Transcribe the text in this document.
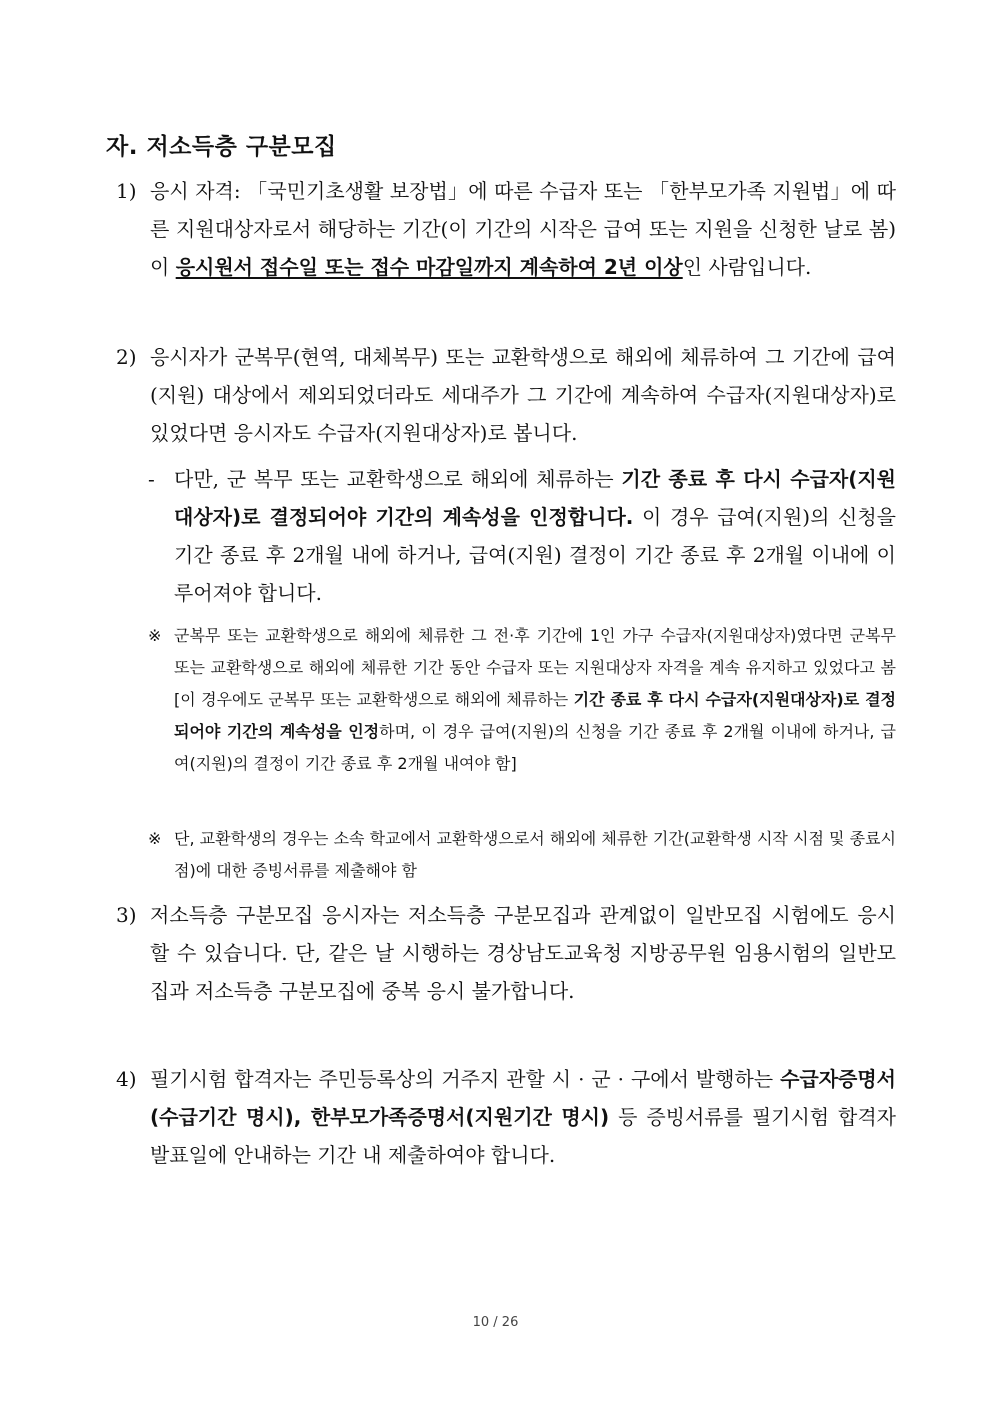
자. 저소득층 구분모집
1) 응시 자격: 「국민기초생활 보장법」에 따른 수급자 또는 「한부모가족 지원법」에 따른 지원대상자로서 해당하는 기간(이 기간의 시작은 급여 또는 지원을 신청한 날로 봄)이 응시원서 접수일 또는 접수 마감일까지 계속하여 2년 이상인 사람입니다.
2) 응시자가 군복무(현역, 대체복무) 또는 교환학생으로 해외에 체류하여 그 기간에 급여(지원) 대상에서 제외되었더라도 세대주가 그 기간에 계속하여 수급자(지원대상자)로 있었다면 응시자도 수급자(지원대상자)로 봅니다.
- 다만, 군 복무 또는 교환학생으로 해외에 체류하는 기간 종료 후 다시 수급자(지원대상자)로 결정되어야 기간의 계속성을 인정합니다. 이 경우 급여(지원)의 신청을 기간 종료 후 2개월 내에 하거나, 급여(지원) 결정이 기간 종료 후 2개월 이내에 이루어져야 합니다.
※ 군복무 또는 교환학생으로 해외에 체류한 그 전·후 기간에 1인 가구 수급자(지원대상자)였다면 군복무 또는 교환학생으로 해외에 체류한 기간 동안 수급자 또는 지원대상자 자격을 계속 유지하고 있었다고 봄 [이 경우에도 군복무 또는 교환학생으로 해외에 체류하는 기간 종료 후 다시 수급자(지원대상자)로 결정되어야 기간의 계속성을 인정하며, 이 경우 급여(지원)의 신청을 기간 종료 후 2개월 이내에 하거나, 급여(지원)의 결정이 기간 종료 후 2개월 내여야 함]
※ 단, 교환학생의 경우는 소속 학교에서 교환학생으로서 해외에 체류한 기간(교환학생 시작 시점 및 종료시점)에 대한 증빙서류를 제출해야 함
3) 저소득층 구분모집 응시자는 저소득층 구분모집과 관계없이 일반모집 시험에도 응시할 수 있습니다. 단, 같은 날 시행하는 경상남도교육청 지방공무원 임용시험의 일반모집과 저소득층 구분모집에 중복 응시 불가합니다.
4) 필기시험 합격자는 주민등록상의 거주지 관할 시 · 군 · 구에서 발행하는 수급자증명서(수급기간 명시), 한부모가족증명서(지원기간 명시) 등 증빙서류를 필기시험 합격자 발표일에 안내하는 기간 내 제출하여야 합니다.
10 / 26
